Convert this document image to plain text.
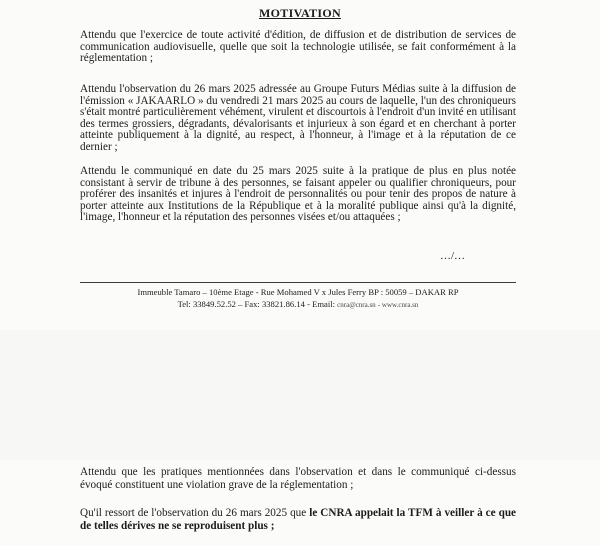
MOTIVATION
Attendu que l'exercice de toute activité d'édition, de diffusion et de distribution de services de communication audiovisuelle, quelle que soit la technologie utilisée, se fait conformément à la réglementation ;
Attendu l'observation du 26 mars 2025 adressée au Groupe Futurs Médias suite à la diffusion de l'émission « JAKAARLO » du vendredi 21 mars 2025 au cours de laquelle, l'un des chroniqueurs s'était montré particulièrement véhément, virulent et discourtois à l'endroit d'un invité en utilisant des termes grossiers, dégradants, dévalorisants et injurieux à son égard et en cherchant à porter atteinte publiquement à la dignité, au respect, à l'honneur, à l'image et à la réputation de ce dernier ;
Attendu le communiqué en date du 25 mars 2025 suite à la pratique de plus en plus notée consistant à servir de tribune à des personnes, se faisant appeler ou qualifier chroniqueurs, pour proférer des insanités et injures à l'endroit de personnalités ou pour tenir des propos de nature à porter atteinte aux Institutions de la République et à la moralité publique ainsi qu'à la dignité, l'image, l'honneur et la réputation des personnes visées et/ou attaquées ;
…/…
Immeuble Tamaro – 10ème Etage - Rue Mohamed V x Jules Ferry BP : 50059 – DAKAR RP
Tel: 33849.52.52 – Fax: 33821.86.14 - Email: cnra@cnra.sn - www.cnra.sn
Attendu que les pratiques mentionnées dans l'observation et dans le communiqué ci-dessus évoqué constituent une violation grave de la réglementation ;
Qu'il ressort de l'observation du 26 mars 2025 que le CNRA appelait la TFM à veiller à ce que de telles dérives ne se reproduisent plus ;
